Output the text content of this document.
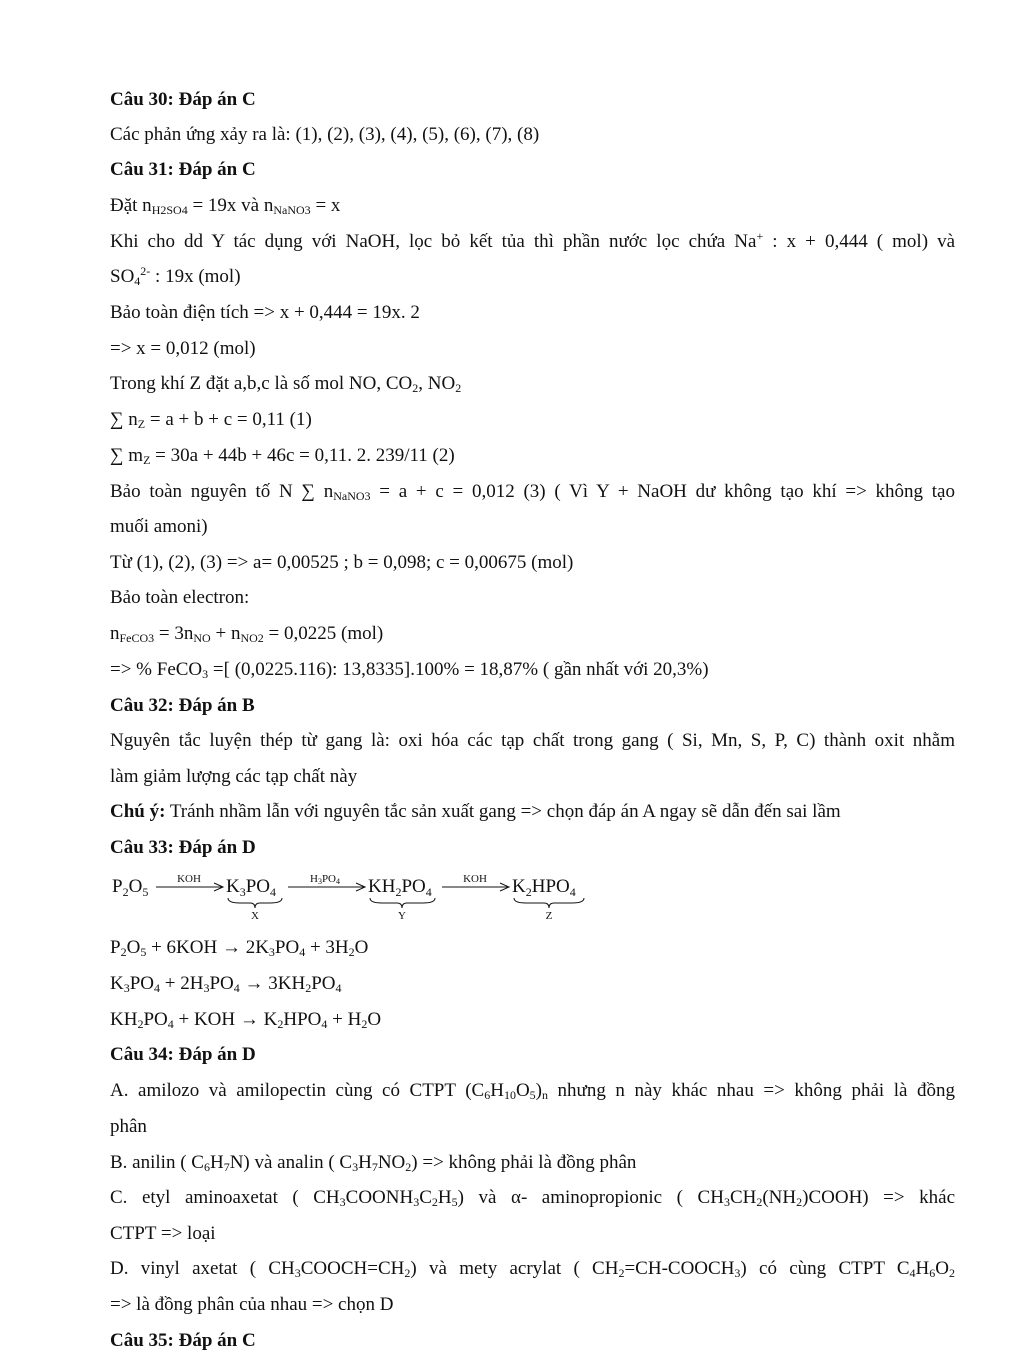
Câu 30: Đáp án C
Các phản ứng xảy ra là: (1), (2), (3), (4), (5), (6), (7), (8)
Câu 31: Đáp án C
Đặt $n_{H2SO4} = 19x$ và $n_{NaNO3} = x$
Khi cho dd Y tác dụng với NaOH, lọc bỏ kết tủa thì phần nước lọc chứa Na+ : x + 0,444 ( mol) và
$SO_4^{2-}$ : 19x (mol)
Bảo toàn điện tích => x + 0,444 = 19x. 2
=> x = 0,012 (mol)
Trong khí Z đặt a,b,c là số mol NO, $CO_2$, $NO_2$
∑ $n_Z = a + b + c = 0,11$ (1)
∑ $m_Z = 30a + 44b + 46c = 0,11$. 2. 239/11 (2)
Bảo toàn nguyên tố N ∑ $n_{NaNO3} = a + c = 0,012$ (3) ( Vì Y + NaOH dư không tạo khí => không tạo
muối amoni)
Từ (1), (2), (3) => a= 0,00525 ; b = 0,098; c = 0,00675 (mol)
Bảo toàn electron:
$n_{FeCO3} = 3n_{NO} + n_{NO2} = 0,0225$ (mol)
=> % FeCO$_3$ =[ (0,0225.116): 13,8335].100% = 18,87% ( gần nhất với 20,3%)
Câu 32: Đáp án B
Nguyên tắc luyện thép từ gang là: oxi hóa các tạp chất trong gang ( Si, Mn, S, P, C) thành oxit nhằm
làm giảm lượng các tạp chất này
Chú ý: Tránh nhầm lẫn với nguyên tắc sản xuất gang => chọn đáp án A ngay sẽ dẫn đến sai lầm
Câu 33: Đáp án D
$P_2O_5$
KOH $K_3PO_4$
X
H3PO4 $KH_2PO_4$
Y
KOH $K_2HPO_4$
Z
$P_2O_5 + 6KOH \to 2K_3PO_4 + 3H_2O$
$K_3PO_4 + 2H_3PO_4 \to 3KH_2PO_4$
$KH_2PO_4$ + KOH → $K_2HPO_4 + H_2O$
Câu 34: Đáp án D
A. amilozo và amilopectin cùng có CTPT $(C_6H_{10}O_5)_n$ nhưng n này khác nhau => không phải là đồng
phân
B. anilin ( $C_6H_7N$) và analin ( $C_3H_7NO_2$) => không phải là đồng phân
C. etyl aminoaxetat ( $CH_3COONH_3C_2H_5$) và α- aminopropionic ( $CH_3CH_2(NH_2)COOH$) => khác
CTPT => loại
D. vinyl axetat ( $CH_3COOCH=CH_2$) và mety acrylat ( $CH_2=CH-COOCH_3$) có cùng CTPT $C_4H_6O_2$
=> là đồng phân của nhau => chọn D
Câu 35: Đáp án C
